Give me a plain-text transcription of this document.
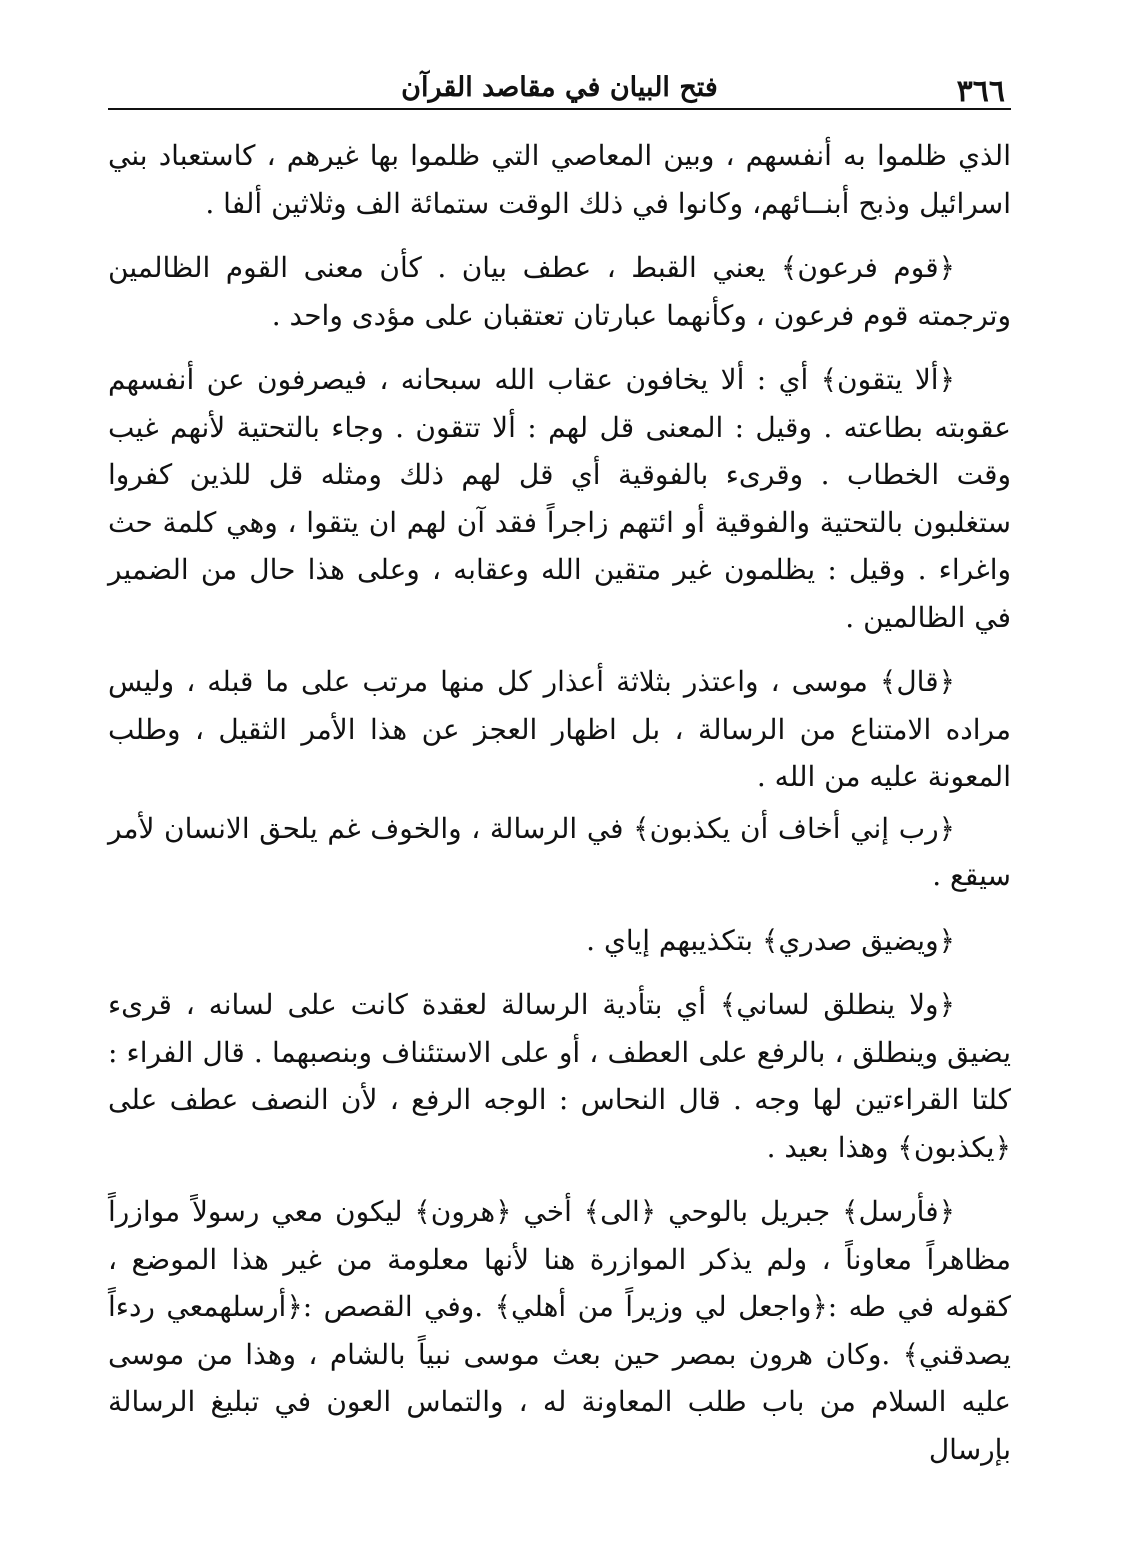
٣٦٦
فتح البيان في مقاصد القرآن

الذي ظلموا به أنفسهم ، وبين المعاصي التي ظلموا بها غيرهم ، كاستعباد بني اسرائيل وذبح أبنــائهم، وكانوا في ذلك الوقت ستمائة الف وثلاثين ألفا .

﴿قوم فرعون﴾ يعني القبط ، عطف بيان . كأن معنى القوم الظالمين وترجمته قوم فرعون ، وكأنهما عبارتان تعتقبان على مؤدى واحد .

﴿ألا يتقون﴾ أي : ألا يخافون عقاب الله سبحانه ، فيصرفون عن أنفسهم عقوبته بطاعته . وقيل : المعنى قل لهم : ألا تتقون . وجاء بالتحتية لأنهم غيب وقت الخطاب . وقرىء بالفوقية أي قل لهم ذلك ومثله قل للذين كفروا ستغلبون بالتحتية والفوقية أو ائتهم زاجراً فقد آن لهم ان يتقوا ، وهي كلمة حث واغراء . وقيل : يظلمون غير متقين الله وعقابه ، وعلى هذا حال من الضمير في الظالمين .

﴿قال﴾ موسى ، واعتذر بثلاثة أعذار كل منها مرتب على ما قبله ، وليس مراده الامتناع من الرسالة ، بل اظهار العجز عن هذا الأمر الثقيل ، وطلب المعونة عليه من الله .

﴿رب إني أخاف أن يكذبون﴾ في الرسالة ، والخوف غم يلحق الانسان لأمر سيقع .

﴿ويضيق صدري﴾ بتكذيبهم إياي .

﴿ولا ينطلق لساني﴾ أي بتأدية الرسالة لعقدة كانت على لسانه ، قرىء يضيق وينطلق ، بالرفع على العطف ، أو على الاستئناف وبنصبهما . قال الفراء : كلتا القراءتين لها وجه . قال النحاس : الوجه الرفع ، لأن النصف عطف على ﴿يكذبون﴾ وهذا بعيد .

﴿فأرسل﴾ جبريل بالوحي ﴿الى﴾ أخي ﴿هرون﴾ ليكون معي رسولاً موازراً مظاهراً معاوناً ، ولم يذكر الموازرة هنا لأنها معلومة من غير هذا الموضع ، كقوله في طه :﴿واجعل لي وزيراً من أهلي﴾ .وفي القصص :﴿أرسلهمعي ردءاً يصدقني﴾ .وكان هرون بمصر حين بعث موسى نبياً بالشام ، وهذا من موسى عليه السلام من باب طلب المعاونة له ، والتماس العون في تبليغ الرسالة بإرسال
